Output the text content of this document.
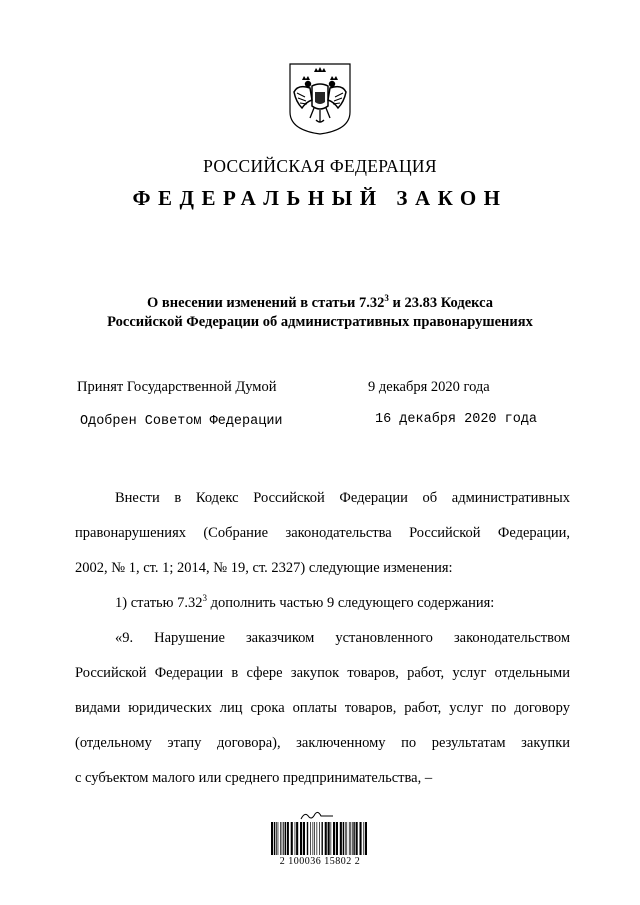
РОССИЙСКАЯ ФЕДЕРАЦИЯ
ФЕДЕРАЛЬНЫЙ ЗАКОН
О внесении изменений в статьи 7.32$^3$ и 23.83 Кодекса
Российской Федерации об административных правонарушениях
Принят Государственной Думой	9 декабря 2020 года
Одобрен Советом Федерации	16 декабря 2020 года
Внести в Кодекс Российской Федерации об административных
правонарушениях (Собрание законодательства Российской Федерации,
2002, № 1, ст. 1; 2014, № 19, ст. 2327) следующие изменения:
1) статью 7.32$^3$ дополнить частью 9 следующего содержания:
«9. Нарушение заказчиком установленного законодательством
Российской Федерации в сфере закупок товаров, работ, услуг отдельными
видами юридических лиц срока оплаты товаров, работ, услуг по договору
(отдельному этапу договора), заключенному по результатам закупки
с субъектом малого или среднего предпринимательства, –
2 100036 15802 2
